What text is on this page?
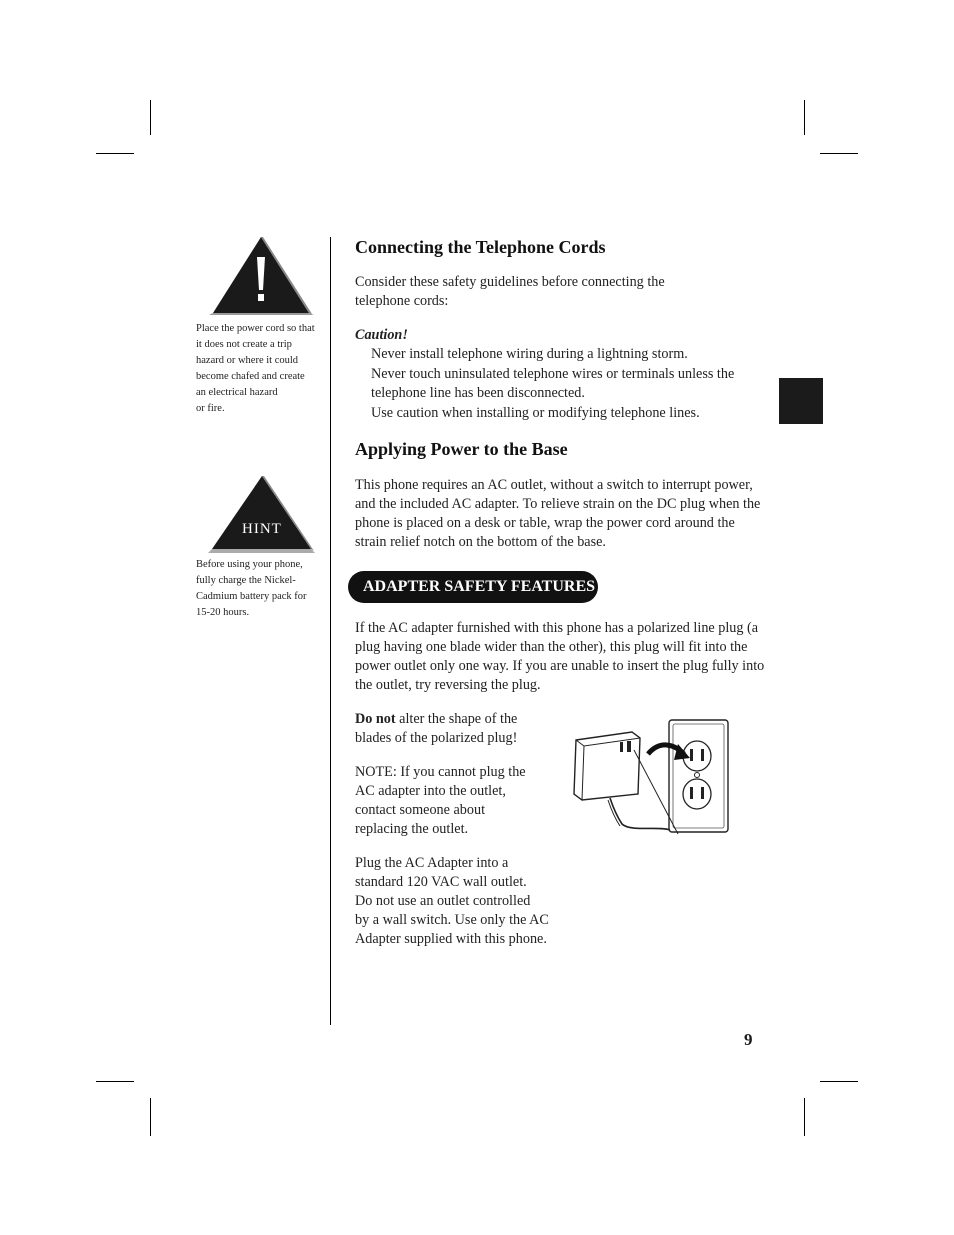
Place the power cord so that
it does not create a trip
hazard or where it could
become chafed and create
an electrical hazard
or fire.
HINT
Before using your phone,
fully charge the Nickel-
Cadmium battery pack for
15-20 hours.
Connecting the Telephone Cords
Consider these safety guidelines before connecting the
telephone cords:
Caution!
Never install telephone wiring during a lightning storm.
Never touch uninsulated telephone wires or terminals unless the
telephone line has been disconnected.
Use caution when installing or modifying telephone lines.
Applying Power to the Base
This phone requires an AC outlet, without a switch to interrupt power,
and the included AC adapter. To relieve strain on the DC plug when the
phone is placed on a desk or table, wrap the power cord around the
strain relief notch on the bottom of the base.
ADAPTER SAFETY FEATURES
If the AC adapter furnished with this phone has a polarized line plug (a
plug having one blade wider than the other), this plug will fit into the
power outlet only one way. If you are unable to insert the plug fully into
the outlet, try reversing the plug.
Do not alter the shape of the
blades of the polarized plug!
NOTE: If you cannot plug the
AC adapter into the outlet,
contact someone about
replacing the outlet.
Plug the AC Adapter into a
standard 120 VAC wall outlet.
Do not use an outlet controlled
by a wall switch. Use only the AC
Adapter supplied with this phone.
9
